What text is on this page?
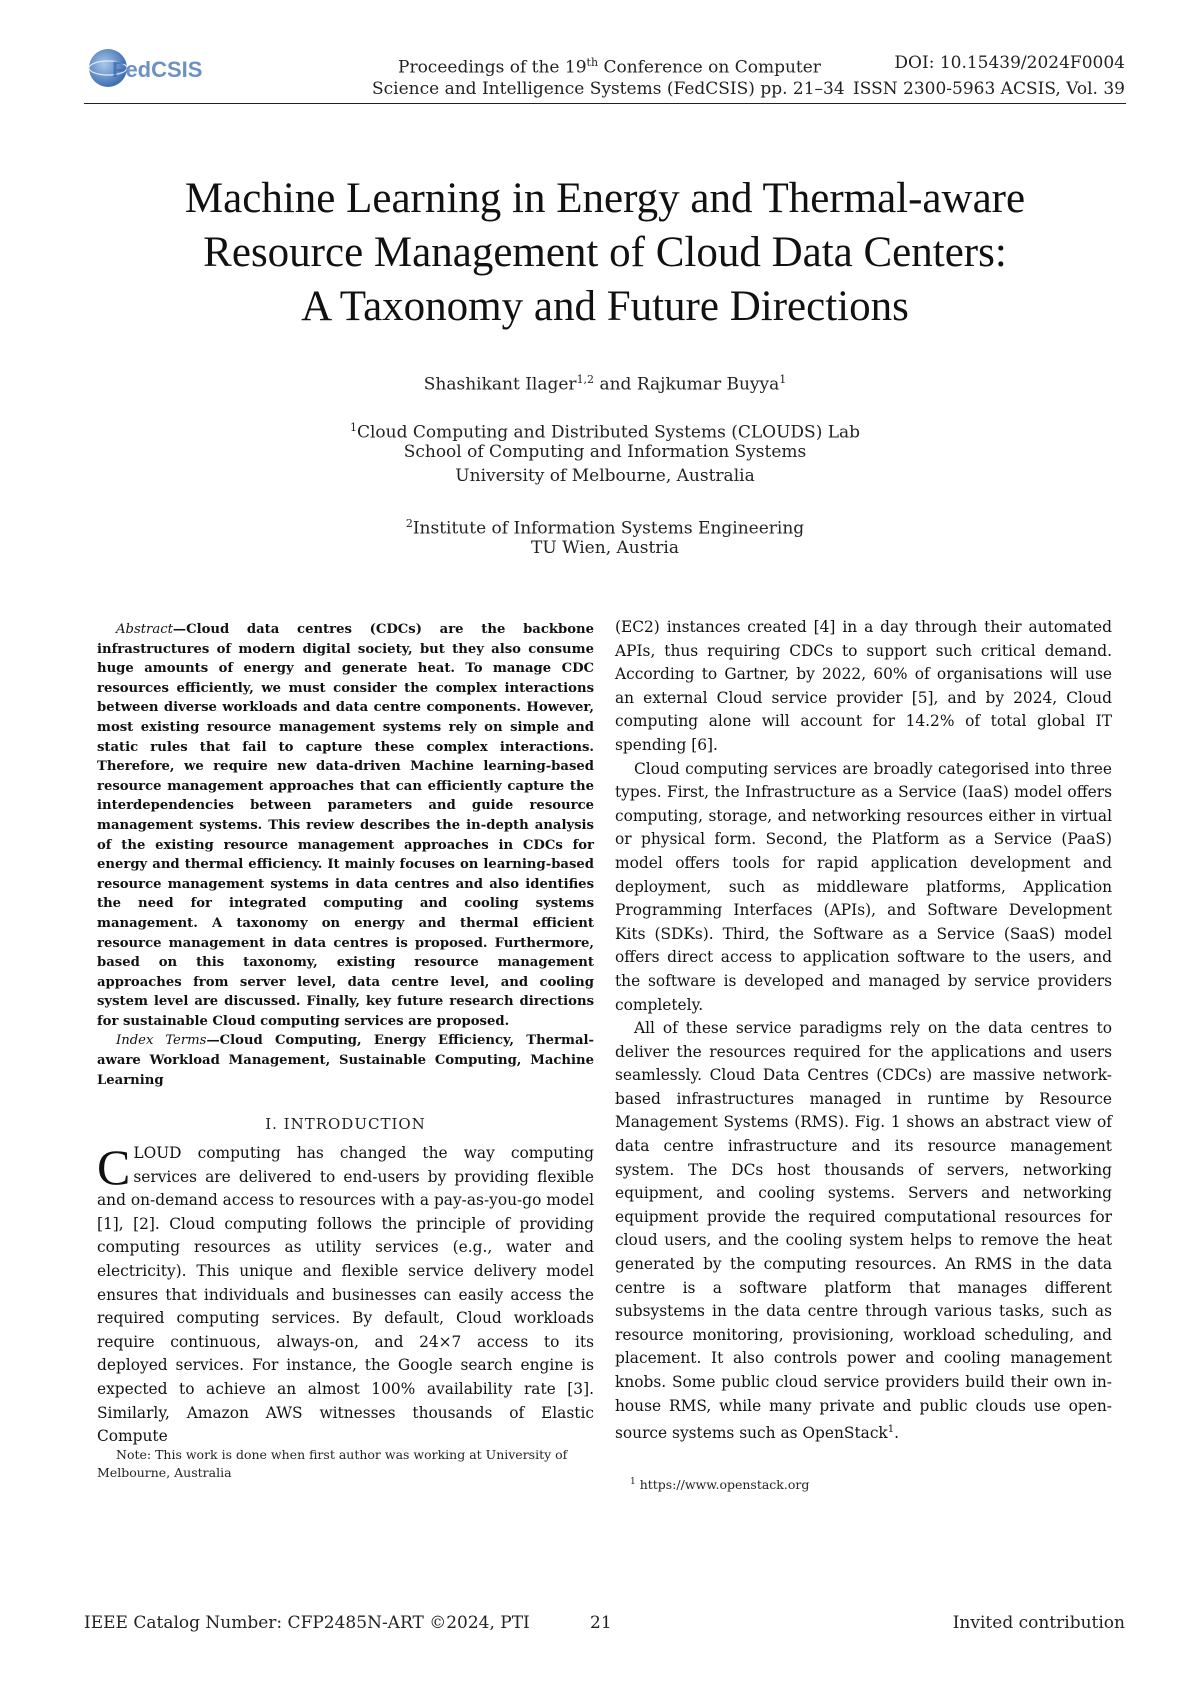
FedCSIS	Proceedings of the 19th Conference on Computer
Science and Intelligence Systems (FedCSIS) pp. 21–34
DOI: 10.15439/2024F0004
ISSN 2300-5963 ACSIS, Vol. 39
Machine Learning in Energy and Thermal-aware
Resource Management of Cloud Data Centers:
A Taxonomy and Future Directions
Shashikant Ilager$^{1,2}$ and Rajkumar Buyya$^1$
$^1$Cloud Computing and Distributed Systems (CLOUDS) Lab
School of Computing and Information Systems
University of Melbourne, Australia
$^2$Institute of Information Systems Engineering
TU Wien, Austria
Abstract—Cloud data centres (CDCs) are the backbone infrastructures of modern digital society, but they also consume huge amounts of energy and generate heat. To manage CDC resources efficiently, we must consider the complex interactions between diverse workloads and data centre components. However, most existing resource management systems rely on simple and static rules that fail to capture these complex interactions. Therefore, we require new data-driven Machine learning-based resource management approaches that can efficiently capture the interdependencies between parameters and guide resource management systems. This review describes the in-depth analysis of the existing resource management approaches in CDCs for energy and thermal efficiency. It mainly focuses on learning-based resource management systems in data centres and also identifies the need for integrated computing and cooling systems management. A taxonomy on energy and thermal efficient resource management in data centres is proposed. Furthermore, based on this taxonomy, existing resource management approaches from server level, data centre level, and cooling system level are discussed. Finally, key future research directions for sustainable Cloud computing services are proposed.
Index Terms—Cloud Computing, Energy Efficiency, Thermal-aware Workload Management, Sustainable Computing, Machine Learning
I. INTRODUCTION

CLOUD computing has changed the way computing services are delivered to end-users by providing flexible and on-demand access to resources with a pay-as-you-go model [1], [2]. Cloud computing follows the principle of providing computing resources as utility services (e.g., water and electricity). This unique and flexible service delivery model ensures that individuals and businesses can easily access the required computing services. By default, Cloud workloads require continuous, always-on, and 24×7 access to its deployed services. For instance, the Google search engine is expected to achieve an almost 100% availability rate [3]. Similarly, Amazon AWS witnesses thousands of Elastic Compute

Note: This work is done when first author was working at University of Melbourne, Australia

(EC2) instances created [4] in a day through their automated APIs, thus requiring CDCs to support such critical demand. According to Gartner, by 2022, 60% of organisations will use an external Cloud service provider [5], and by 2024, Cloud computing alone will account for 14.2% of total global IT spending [6].

Cloud computing services are broadly categorised into three types. First, the Infrastructure as a Service (IaaS) model offers computing, storage, and networking resources either in virtual or physical form. Second, the Platform as a Service (PaaS) model offers tools for rapid application development and deployment, such as middleware platforms, Application Programming Interfaces (APIs), and Software Development Kits (SDKs). Third, the Software as a Service (SaaS) model offers direct access to application software to the users, and the software is developed and managed by service providers completely.

All of these service paradigms rely on the data centres to deliver the resources required for the applications and users seamlessly. Cloud Data Centres (CDCs) are massive network-based infrastructures managed in runtime by Resource Management Systems (RMS). Fig. 1 shows an abstract view of data centre infrastructure and its resource management system. The DCs host thousands of servers, networking equipment, and cooling systems. Servers and networking equipment provide the required computational resources for cloud users, and the cooling system helps to remove the heat generated by the computing resources. An RMS in the data centre is a software platform that manages different subsystems in the data centre through various tasks, such as resource monitoring, provisioning, workload scheduling, and placement. It also controls power and cooling management knobs. Some public cloud service providers build their own in-house RMS, while many private and public clouds use open-source systems such as OpenStack$^1$.

$^1$ https://www.openstack.org
IEEE Catalog Number: CFP2485N-ART ©2024, PTI	21	Invited contribution
